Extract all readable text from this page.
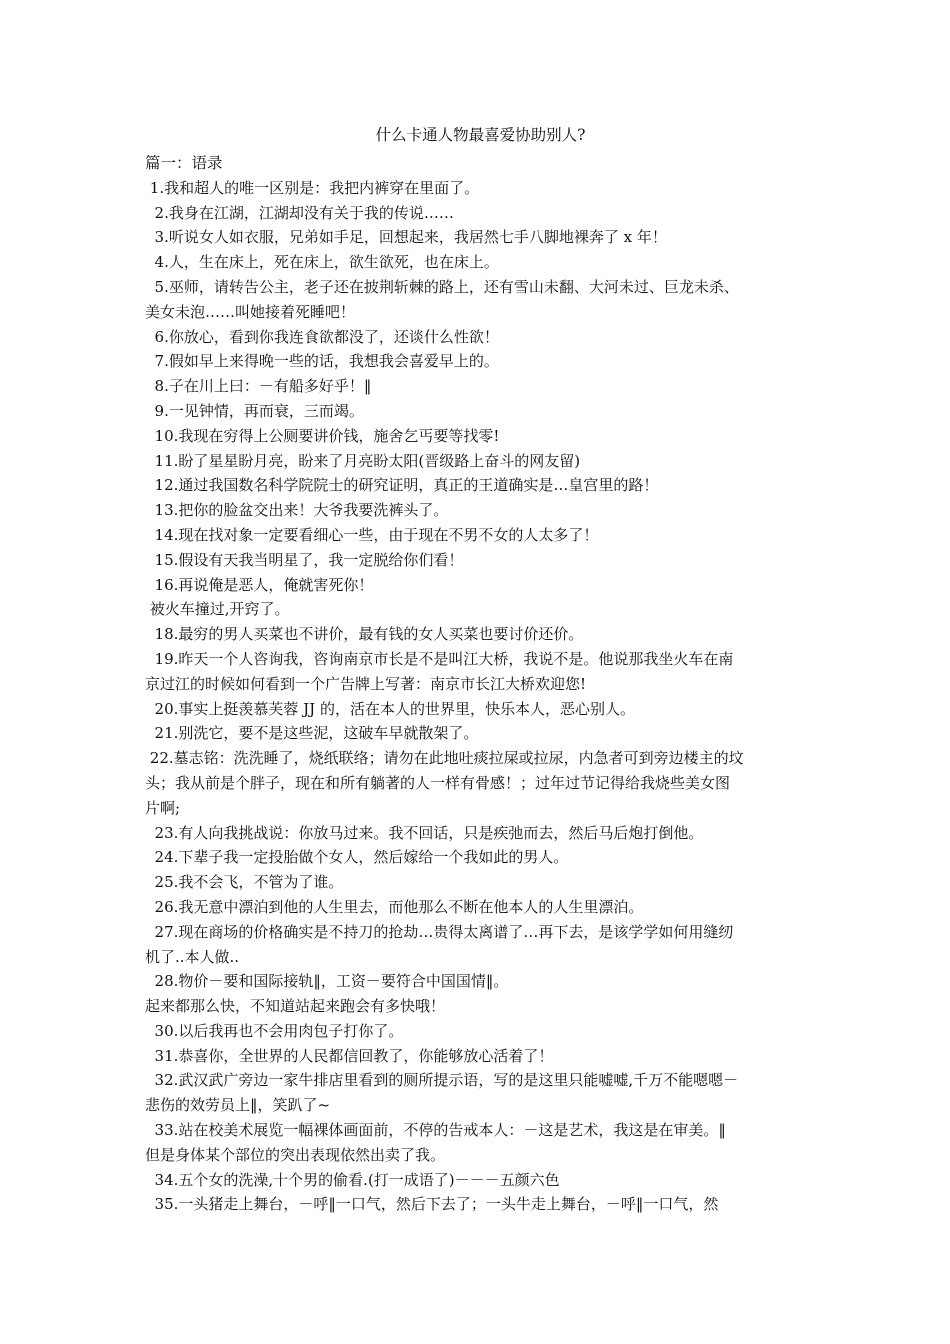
什么卡通人物最喜爱协助别人?
篇一：语录
1.我和超人的唯一区别是：我把内裤穿在里面了。
2.我身在江湖，江湖却没有关于我的传说……
3.听说女人如衣服，兄弟如手足，回想起来，我居然七手八脚地裸奔了 x 年！
4.人，生在床上，死在床上，欲生欲死，也在床上。
5.巫师，请转告公主，老子还在披荆斩棘的路上，还有雪山未翻、大河未过、巨龙未杀、
美女未泡……叫她接着死睡吧！
6.你放心，看到你我连食欲都没了，还谈什么性欲！
7.假如早上来得晚一些的话，我想我会喜爱早上的。
8.子在川上曰：－有船多好乎！‖
9.一见钟情，再而衰，三而竭。
10.我现在穷得上公厕要讲价钱，施舍乞丐要等找零!
11.盼了星星盼月亮，盼来了月亮盼太阳(晋级路上奋斗的网友留)
12.通过我国数名科学院院士的研究证明，真正的王道确实是…皇宫里的路！
13.把你的脸盆交出来！大爷我要洗裤头了。
14.现在找对象一定要看细心一些，由于现在不男不女的人太多了！
15.假设有天我当明星了，我一定脱给你们看！
16.再说俺是恶人，俺就害死你！
被火车撞过,开窍了。
18.最穷的男人买菜也不讲价，最有钱的女人买菜也要讨价还价。
19.昨天一个人咨询我，咨询南京市长是不是叫江大桥，我说不是。他说那我坐火车在南
京过江的时候如何看到一个广告牌上写著：南京市长江大桥欢迎您!
20.事实上挺羡慕芙蓉 JJ 的，活在本人的世界里，快乐本人，恶心别人。
21.别洗它，要不是这些泥，这破车早就散架了。
22.墓志铭：洗洗睡了，烧纸联络；请勿在此地吐痰拉屎或拉尿，内急者可到旁边楼主的坟
头；我从前是个胖子，现在和所有躺著的人一样有骨感！；过年过节记得给我烧些美女图
片啊;
23.有人向我挑战说：你放马过来。我不回话，只是疾弛而去，然后马后炮打倒他。
24.下辈子我一定投胎做个女人，然后嫁给一个我如此的男人。
25.我不会飞，不管为了谁。
26.我无意中漂泊到他的人生里去，而他那么不断在他本人的人生里漂泊。
27.现在商场的价格确实是不持刀的抢劫…贵得太离谱了…再下去，是该学学如何用缝纫
机了..本人做..
28.物价－要和国际接轨‖，工资－要符合中国国情‖。
起来都那么快，不知道站起来跑会有多快哦！
30.以后我再也不会用肉包子打你了。
31.恭喜你，全世界的人民都信回教了，你能够放心活着了！
32.武汉武广旁边一家牛排店里看到的厕所提示语，写的是这里只能嘘嘘,千万不能嗯嗯－
悲伤的效劳员上‖，笑趴了~
33.站在校美术展览一幅裸体画面前，不停的告戒本人：－这是艺术，我这是在审美。‖
但是身体某个部位的突出表现依然出卖了我。
34.五个女的洗澡,十个男的偷看.(打一成语了)－－－五颜六色
35.一头猪走上舞台，－呼‖一口气，然后下去了；一头牛走上舞台，－呼‖一口气，然
